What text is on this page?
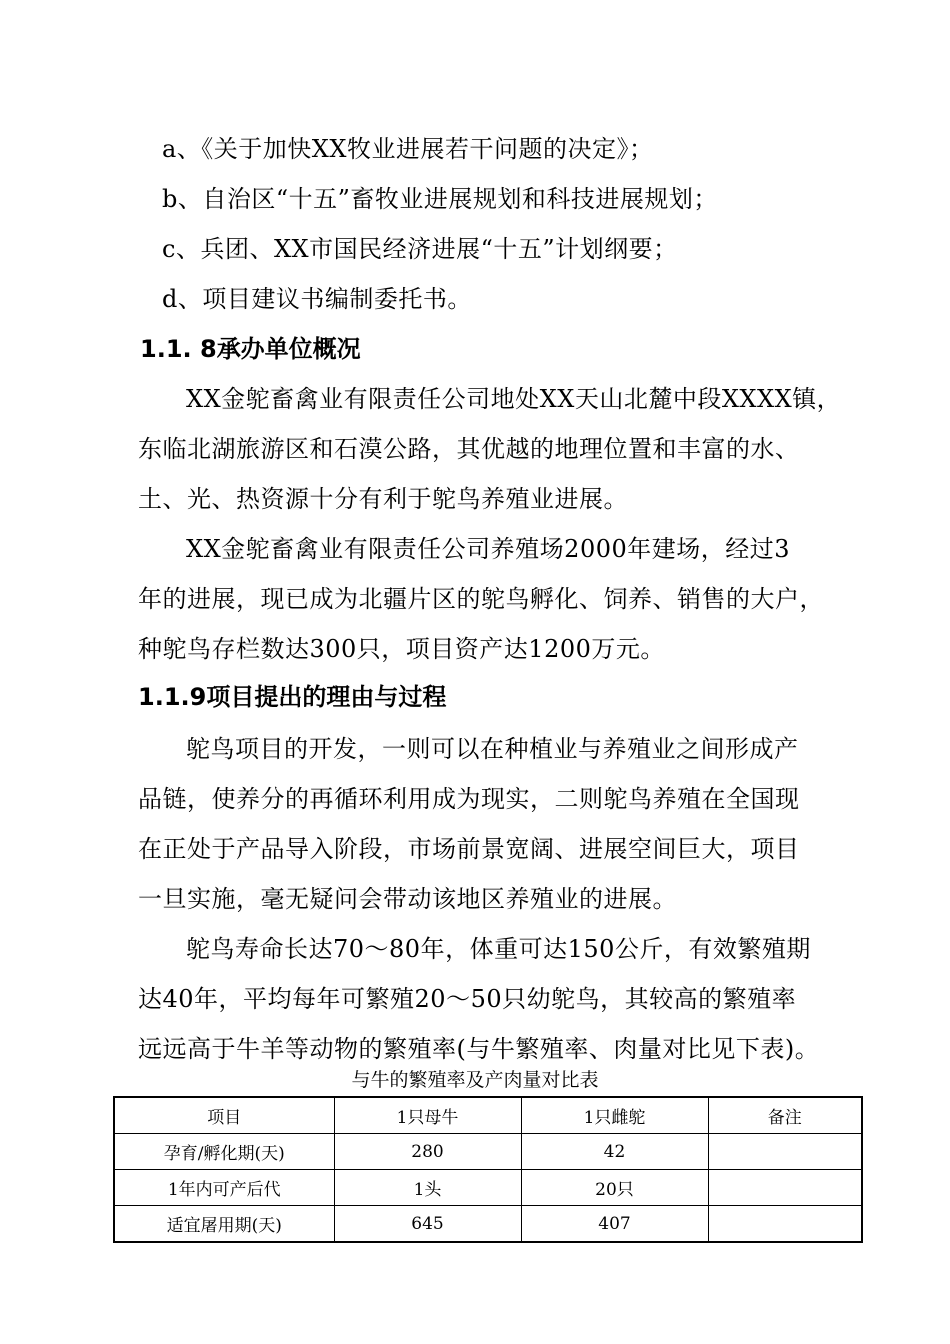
a、《关于加快XX牧业进展若干问题的决定》；
b、自治区“十五”畜牧业进展规划和科技进展规划；
c、兵团、XX市国民经济进展“十五”计划纲要；
d、项目建议书编制委托书。
1.1. 8承办单位概况
XX金鸵畜禽业有限责任公司地处XX天山北麓中段XXXX镇，
东临北湖旅游区和石漠公路，其优越的地理位置和丰富的水、
土、光、热资源十分有利于鸵鸟养殖业进展。
XX金鸵畜禽业有限责任公司养殖场2000年建场，经过3
年的进展，现已成为北疆片区的鸵鸟孵化、饲养、销售的大户，
种鸵鸟存栏数达300只，项目资产达1200万元。
1.1.9项目提出的理由与过程
鸵鸟项目的开发，一则可以在种植业与养殖业之间形成产
品链，使养分的再循环利用成为现实，二则鸵鸟养殖在全国现
在正处于产品导入阶段，市场前景宽阔、进展空间巨大，项目
一旦实施，毫无疑问会带动该地区养殖业的进展。
鸵鸟寿命长达70～80年，体重可达150公斤，有效繁殖期
达40年，平均每年可繁殖20～50只幼鸵鸟，其较高的繁殖率
远远高于牛羊等动物的繁殖率(与牛繁殖率、肉量对比见下表)。
与牛的繁殖率及产肉量对比表
项目	1只母牛	1只雌鸵	备注
孕育/孵化期(天)	280	42	
1年内可产后代	1头	20只	
适宜屠用期(天)	645	407	
